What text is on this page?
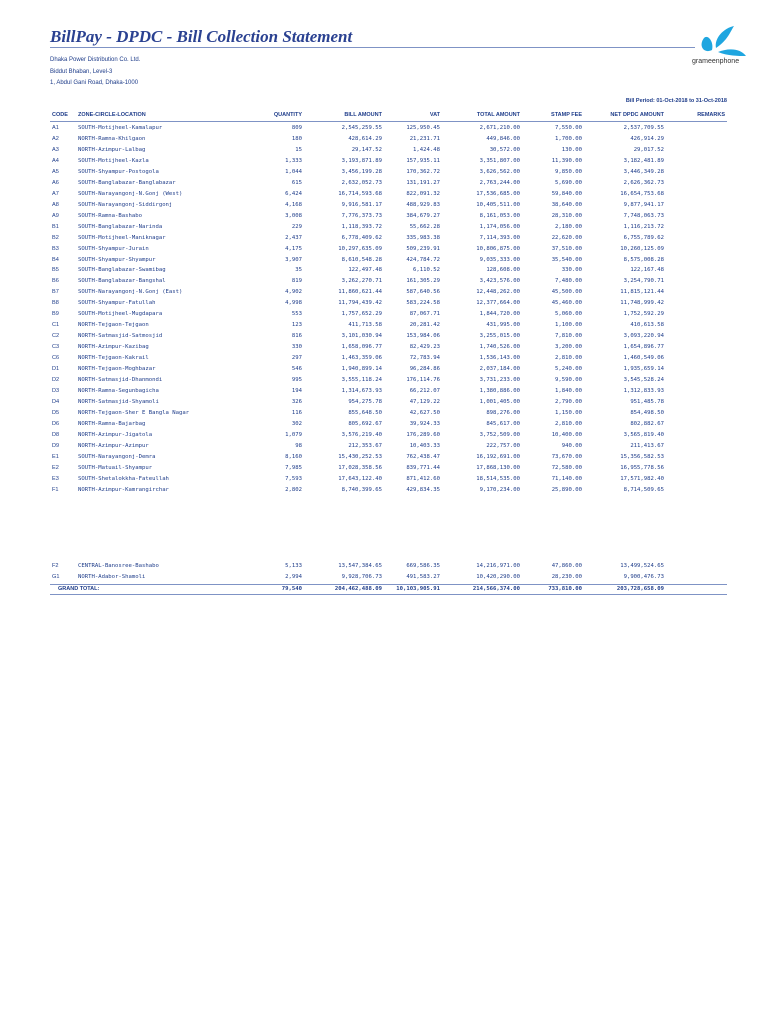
BillPay - DPDC - Bill Collection Statement
grameenphone
Dhaka Power Distribution Co. Ltd.
Biddut Bhaban, Level-3
1, Abdul Gani Road, Dhaka-1000
Bill Period: 01-Oct-2018 to 31-Oct-2018
CODE ZONE-CIRCLE-LOCATION	QUANTITY	BILL AMOUNT	VAT	TOTAL AMOUNT	STAMP FEE	NET DPDC AMOUNT	REMARKS
A1	SOUTH-Motijheel-Kamalapur	809	2,545,259.55	125,950.45	2,671,210.00	7,550.00	2,537,709.55
A2	NORTH-Ramna-Khilgaon	180	428,614.29	21,231.71	449,846.00	1,700.00	426,914.29
A3	NORTH-Azimpur-Lalbag	15	29,147.52	1,424.48	30,572.00	130.00	29,017.52
A4	SOUTH-Motijheel-Kazla	1,333	3,193,871.89	157,935.11	3,351,807.00	11,390.00	3,182,481.89
A5	SOUTH-Shyampur-Postogola	1,044	3,456,199.28	170,362.72	3,626,562.00	9,850.00	3,446,349.28
A6	SOUTH-Banglabazar-Banglabazar	615	2,632,052.73	131,191.27	2,763,244.00	5,690.00	2,626,362.73
A7	SOUTH-Narayangonj-N.Gonj (West)	6,424	16,714,593.68	822,091.32	17,536,685.00	59,840.00	16,654,753.68
A8	SOUTH-Narayangonj-Siddirgonj	4,168	9,916,581.17	488,929.83	10,405,511.00	38,640.00	9,877,941.17
A9	SOUTH-Ramna-Bashabo	3,008	7,776,373.73	384,679.27	8,161,053.00	28,310.00	7,748,063.73
B1	SOUTH-Banglabazar-Narinda	229	1,118,393.72	55,662.28	1,174,056.00	2,180.00	1,116,213.72
B2	SOUTH-Motijheel-Maniknagar	2,437	6,778,409.62	335,983.38	7,114,393.00	22,620.00	6,755,789.62
B3	SOUTH-Shyampur-Jurain	4,175	10,297,635.09	509,239.91	10,806,875.00	37,510.00	10,260,125.09
B4	SOUTH-Shyampur-Shyampur	3,907	8,610,548.28	424,784.72	9,035,333.00	35,540.00	8,575,008.28
B5	SOUTH-Banglabazar-Swamibag	35	122,497.48	6,110.52	128,608.00	330.00	122,167.48
B6	SOUTH-Banglabazar-Bangshal	819	3,262,270.71	161,305.29	3,423,576.00	7,480.00	3,254,790.71
B7	SOUTH-Narayangonj-N.Gonj (East)	4,902	11,860,621.44	587,640.56	12,448,262.00	45,500.00	11,815,121.44
B8	SOUTH-Shyampur-Fatullah	4,998	11,794,439.42	583,224.58	12,377,664.00	45,460.00	11,748,999.42
B9	SOUTH-Motijheel-Mugdapara	553	1,757,652.29	87,067.71	1,844,720.00	5,060.00	1,752,592.29
C1	NORTH-Tejgaon-Tejgaon	123	411,713.58	20,281.42	431,995.00	1,100.00	410,613.58
C2	NORTH-Satmasjid-Satmosjid	816	3,101,030.94	153,984.06	3,255,015.00	7,810.00	3,093,220.94
C3	NORTH-Azimpur-Kazibag	330	1,658,096.77	82,429.23	1,740,526.00	3,200.00	1,654,896.77
C6	NORTH-Tejgaon-Kakrail	297	1,463,359.06	72,783.94	1,536,143.00	2,810.00	1,460,549.06
D1	NORTH-Tejgaon-Moghbazar	546	1,940,899.14	96,284.86	2,037,184.00	5,240.00	1,935,659.14
D2	NORTH-Satmasjid-Dhanmondi	995	3,555,118.24	176,114.76	3,731,233.00	9,590.00	3,545,528.24
D3	NORTH-Ramna-Segunbagicha	194	1,314,673.93	66,212.07	1,380,886.00	1,840.00	1,312,833.93
D4	NORTH-Satmasjid-Shyamoli	326	954,275.78	47,129.22	1,001,405.00	2,790.00	951,485.78
D5	NORTH-Tejgaon-Sher E Bangla Nagar	116	855,648.50	42,627.50	898,276.00	1,150.00	854,498.50
D6	NORTH-Ramna-Bajarbag	302	805,692.67	39,924.33	845,617.00	2,810.00	802,882.67
D8	NORTH-Azimpur-Jigatola	1,079	3,576,219.40	176,289.60	3,752,509.00	10,400.00	3,565,819.40
D9	NORTH-Azimpur-Azimpur	98	212,353.67	10,403.33	222,757.00	940.00	211,413.67
E1	SOUTH-Narayangonj-Demra	8,160	15,430,252.53	762,438.47	16,192,691.00	73,670.00	15,356,582.53
E2	SOUTH-Matuail-Shyampur	7,985	17,028,358.56	839,771.44	17,868,130.00	72,580.00	16,955,778.56
E3	SOUTH-Shetalokkha-Fateullah	7,593	17,643,122.40	871,412.60	18,514,535.00	71,140.00	17,571,982.40
F1	NORTH-Azimpur-Kamrangirchar	2,802	8,740,399.65	429,834.35	9,170,234.00	25,890.00	8,714,509.65
F2	CENTRAL-Banosree-Bashabo	5,133	13,547,384.65	669,586.35	14,216,971.00	47,860.00	13,499,524.65
G1	NORTH-Adabor-Shamoli	2,994	9,928,706.73	491,583.27	10,420,290.00	28,230.00	9,900,476.73
GRAND TOTAL:	79,540	204,462,488.09	10,103,905.91	214,566,374.00	733,810.00	203,728,658.09
